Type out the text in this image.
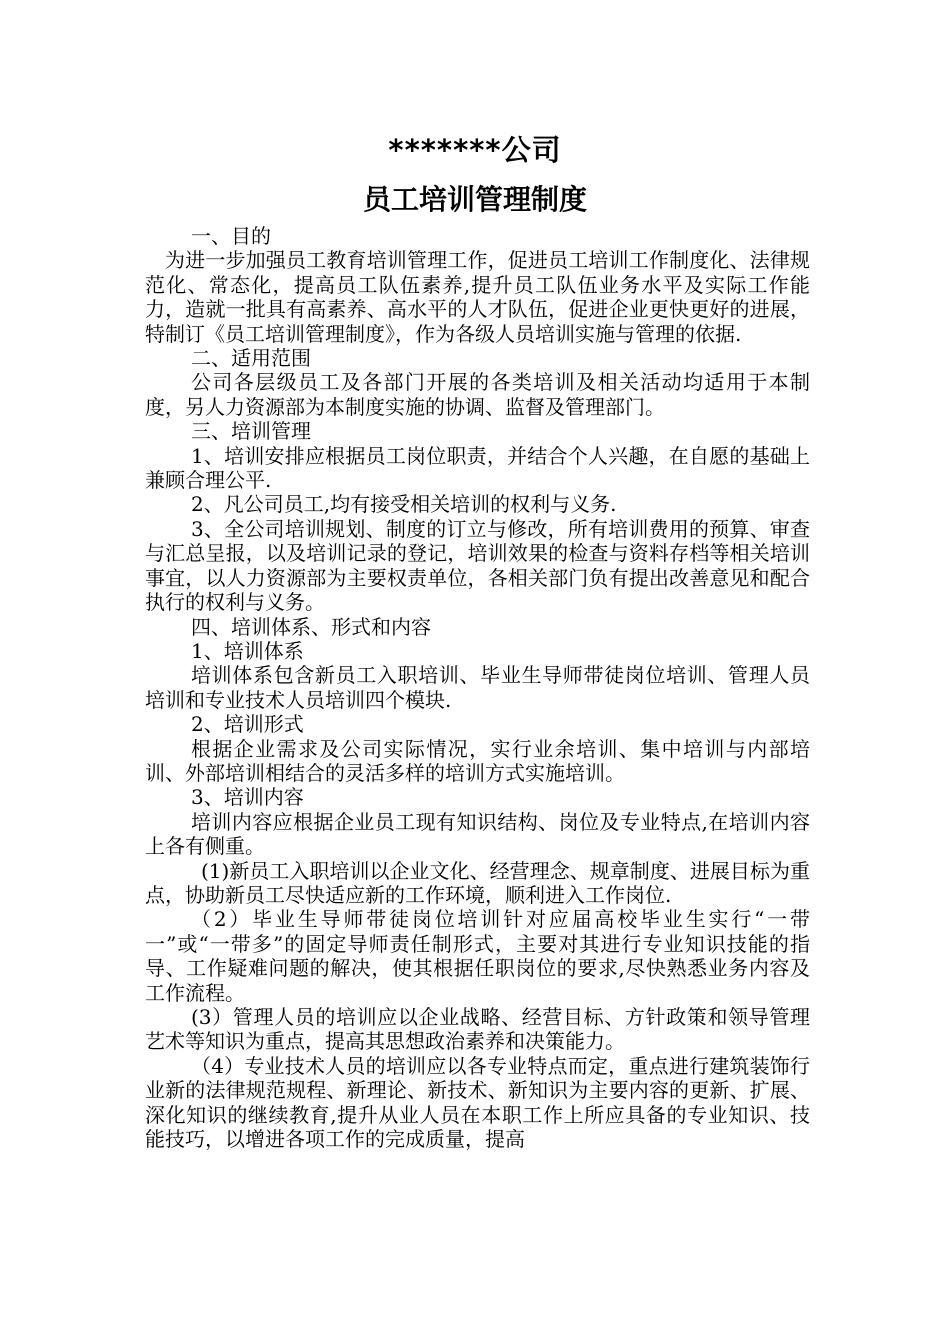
*******公司
员工培训管理制度

一、目的

为进一步加强员工教育培训管理工作，促进员工培训工作制度化、法律规范化、常态化，提高员工队伍素养,提升员工队伍业务水平及实际工作能力，造就一批具有高素养、高水平的人才队伍，促进企业更快更好的进展，特制订《员工培训管理制度》，作为各级人员培训实施与管理的依据.

二、适用范围

公司各层级员工及各部门开展的各类培训及相关活动均适用于本制度，另人力资源部为本制度实施的协调、监督及管理部门。

三、培训管理

1、培训安排应根据员工岗位职责，并结合个人兴趣，在自愿的基础上兼顾合理公平.

2、凡公司员工,均有接受相关培训的权利与义务.

3、全公司培训规划、制度的订立与修改，所有培训费用的预算、审查与汇总呈报，以及培训记录的登记，培训效果的检查与资料存档等相关培训事宜，以人力资源部为主要权责单位，各相关部门负有提出改善意见和配合执行的权利与义务。

四、培训体系、形式和内容

1、培训体系

培训体系包含新员工入职培训、毕业生导师带徒岗位培训、管理人员培训和专业技术人员培训四个模块.

2、培训形式

根据企业需求及公司实际情况，实行业余培训、集中培训与内部培训、外部培训相结合的灵活多样的培训方式实施培训。

3、培训内容

培训内容应根据企业员工现有知识结构、岗位及专业特点,在培训内容上各有侧重。

(1)新员工入职培训以企业文化、经营理念、规章制度、进展目标为重点，协助新员工尽快适应新的工作环境，顺利进入工作岗位.

（2）毕业生导师带徒岗位培训针对应届高校毕业生实行“一带一”或“一带多”的固定导师责任制形式，主要对其进行专业知识技能的指导、工作疑难问题的解决，使其根据任职岗位的要求,尽快熟悉业务内容及工作流程。

(3）管理人员的培训应以企业战略、经营目标、方针政策和领导管理艺术等知识为重点，提高其思想政治素养和决策能力。

（4）专业技术人员的培训应以各专业特点而定，重点进行建筑装饰行业新的法律规范规程、新理论、新技术、新知识为主要内容的更新、扩展、深化知识的继续教育,提升从业人员在本职工作上所应具备的专业知识、技能技巧，以增进各项工作的完成质量，提高
